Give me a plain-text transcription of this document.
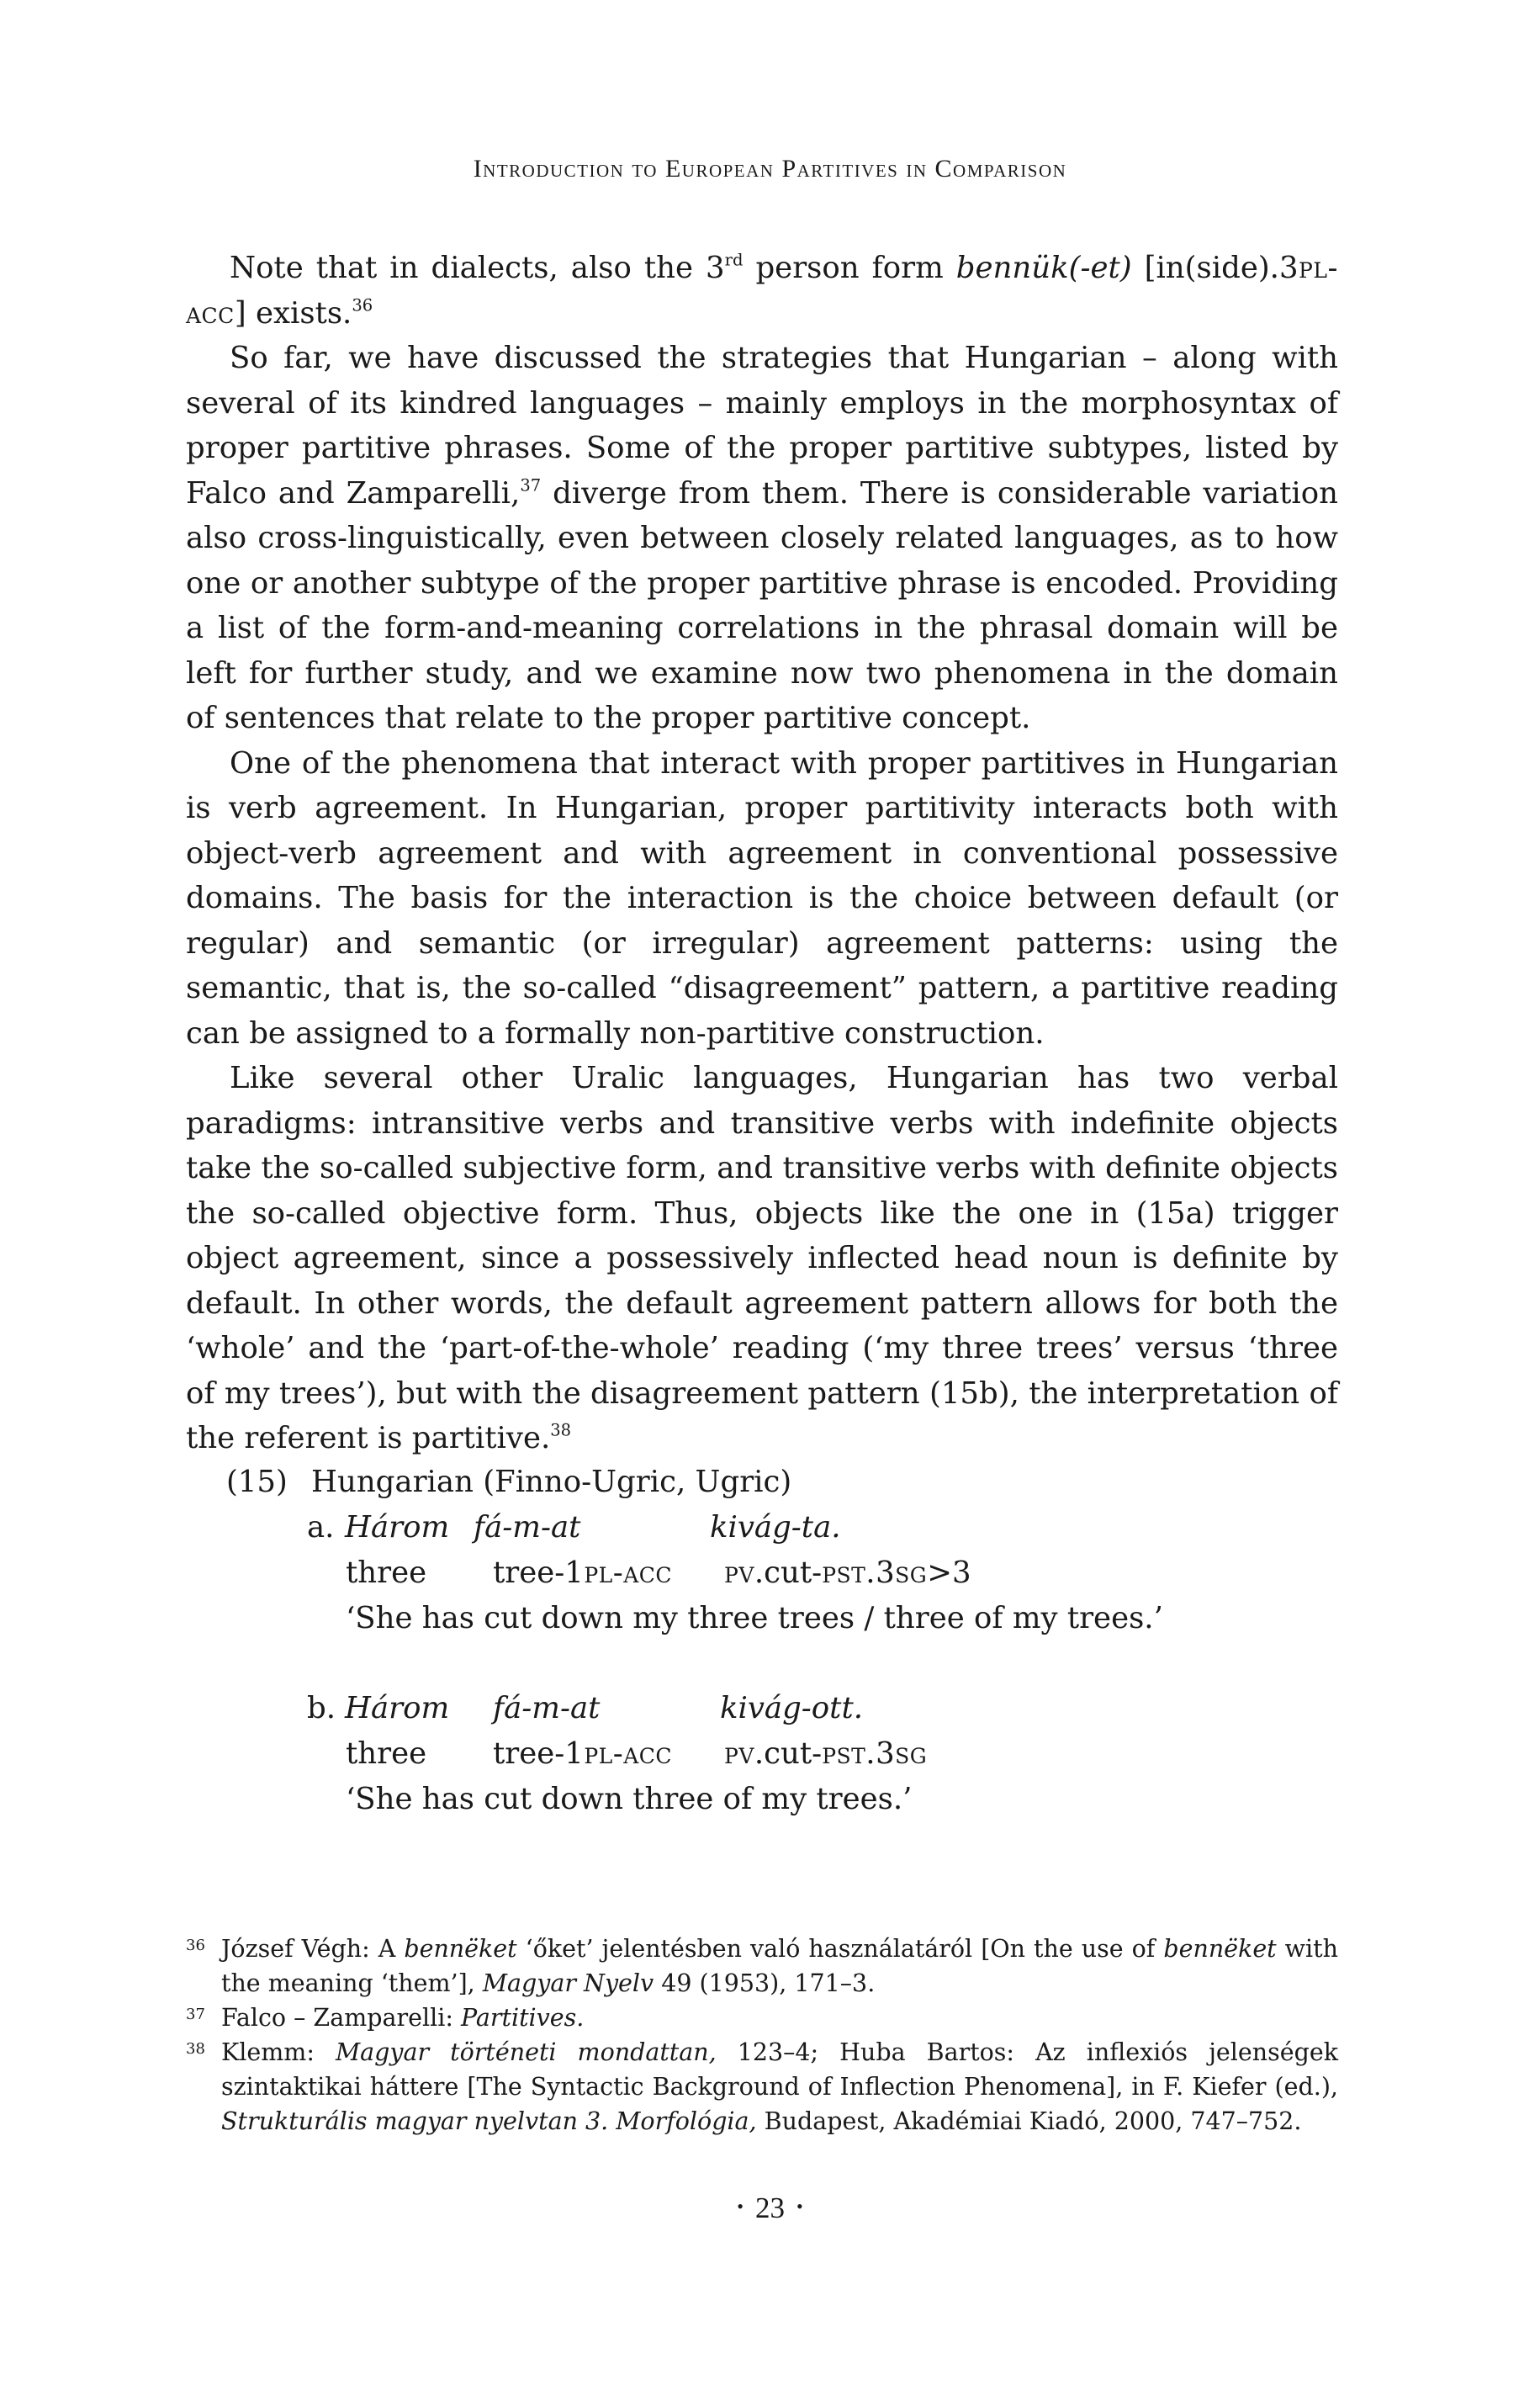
Introduction to European Partitives in Comparison

Note that in dialects, also the 3rd person form bennük(-et) [in(side).3pl-acc] exists.$^{36}$

So far, we have discussed the strategies that Hungarian – along with several of its kindred languages – mainly employs in the morphosyntax of proper partitive phrases. Some of the proper partitive subtypes, listed by Falco and Zamparelli,$^{37}$ diverge from them. There is considerable variation also cross-linguistically, even between closely related languages, as to how one or another subtype of the proper partitive phrase is encoded. Providing a list of the form-and-meaning correlations in the phrasal domain will be left for further study, and we examine now two phenomena in the domain of sentences that relate to the proper partitive concept.

One of the phenomena that interact with proper partitives in Hungarian is verb agreement. In Hungarian, proper partitivity interacts both with object-verb agreement and with agreement in conventional possessive domains. The basis for the interaction is the choice between default (or regular) and semantic (or irregular) agreement patterns: using the semantic, that is, the so-called “disagreement” pattern, a partitive reading can be assigned to a formally non-partitive construction.

Like several other Uralic languages, Hungarian has two verbal paradigms: intransitive verbs and transitive verbs with indefinite objects take the so-called subjective form, and transitive verbs with definite objects the so-called objective form. Thus, objects like the one in (15a) trigger object agreement, since a possessively inflected head noun is definite by default. In other words, the default agreement pattern allows for both the ‘whole’ and the ‘part-of-the-whole’ reading (‘my three trees’ versus ‘three of my trees’), but with the disagreement pattern (15b), the interpretation of the referent is partitive.$^{38}$

(15) Hungarian (Finno-Ugric, Ugric)
a. Három fá-m-at	kivág-ta.
three tree-1pl-acc pv.cut-pst.3sg>3
‘She has cut down my three trees / three of my trees.’
b. Három fá-m-at	kivág-ott.
three tree-1pl-acc pv.cut-pst.3sg
‘She has cut down three of my trees.’
36 József Végh: A bennëket ‘őket’ jelentésben való használatáról [On the use of bennëket with the meaning ‘them’], Magyar Nyelv 49 (1953), 171–3.
37 Falco – Zamparelli: Partitives.
38 Klemm: Magyar történeti mondattan, 123–4; Huba Bartos: Az inflexiós jelenségek szintaktikai háttere [The Syntactic Background of Inflection Phenomena], in F. Kiefer (ed.), Strukturális magyar nyelvtan 3. Morfológia, Budapest, Akadémiai Kiadó, 2000, 747–752.
• 23 •
